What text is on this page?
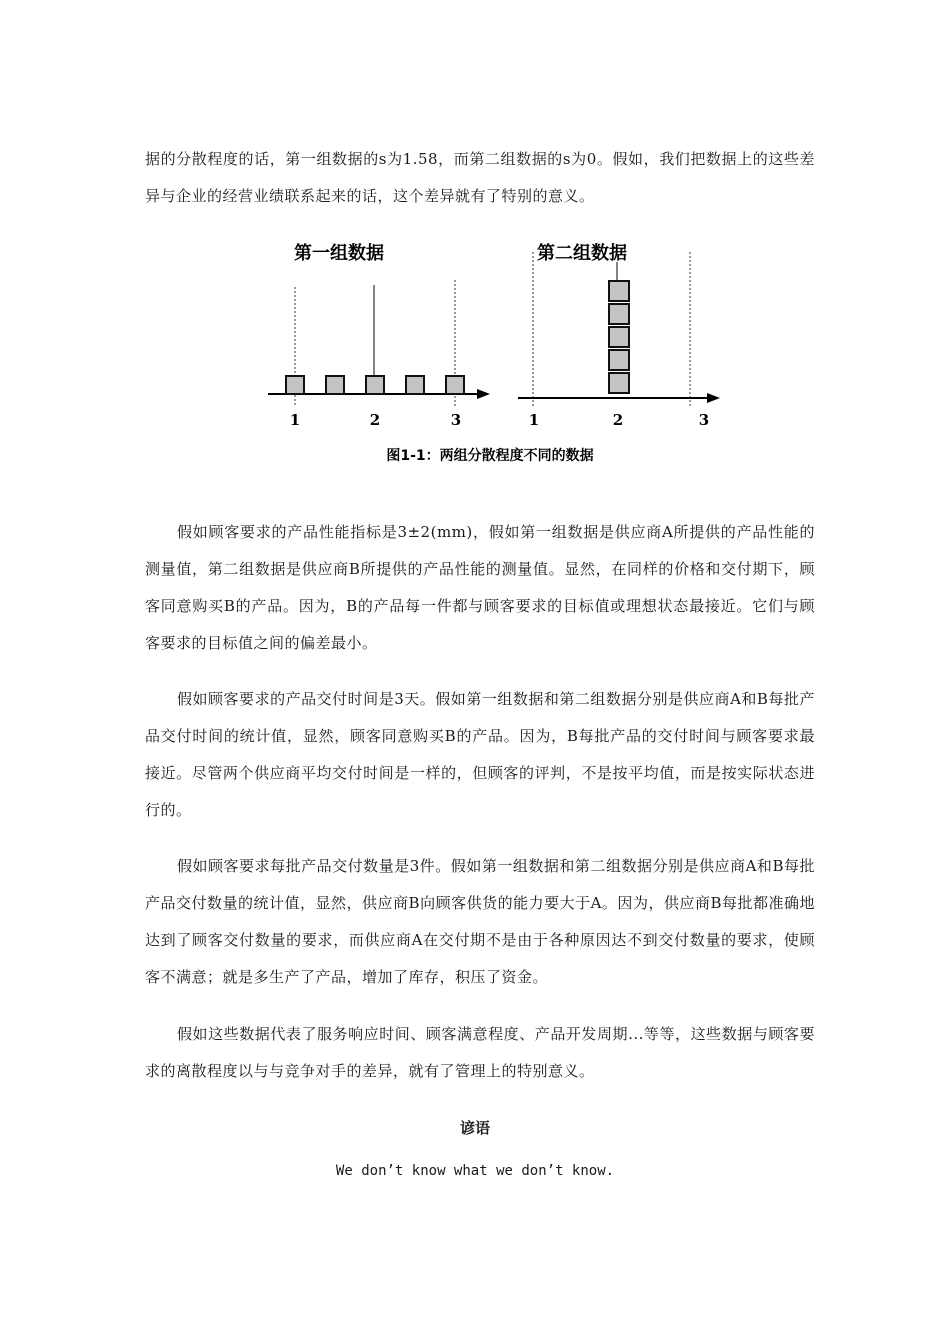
据的分散程度的话，第一组数据的s为1.58，而第二组数据的s为0。假如，我们把数据上的这些差异与企业的经营业绩联系起来的话，这个差异就有了特别的意义。

第一组数据
1	2	3
第二组数据
1	2	3
图1-1：两组分散程度不同的数据

假如顾客要求的产品性能指标是3±2(mm)，假如第一组数据是供应商A所提供的产品性能的测量值，第二组数据是供应商B所提供的产品性能的测量值。显然，在同样的价格和交付期下，顾客同意购买B的产品。因为，B的产品每一件都与顾客要求的目标值或理想状态最接近。它们与顾客要求的目标值之间的偏差最小。

假如顾客要求的产品交付时间是3天。假如第一组数据和第二组数据分别是供应商A和B每批产品交付时间的统计值，显然，顾客同意购买B的产品。因为，B每批产品的交付时间与顾客要求最接近。尽管两个供应商平均交付时间是一样的，但顾客的评判，不是按平均值，而是按实际状态进行的。

假如顾客要求每批产品交付数量是3件。假如第一组数据和第二组数据分别是供应商A和B每批产品交付数量的统计值，显然，供应商B向顾客供货的能力要大于A。因为，供应商B每批都准确地达到了顾客交付数量的要求，而供应商A在交付期不是由于各种原因达不到交付数量的要求，使顾客不满意；就是多生产了产品，增加了库存，积压了资金。

假如这些数据代表了服务响应时间、顾客满意程度、产品开发周期...等等，这些数据与顾客要求的离散程度以与与竞争对手的差异，就有了管理上的特别意义。

谚语
We don’t know what we don’t know.
